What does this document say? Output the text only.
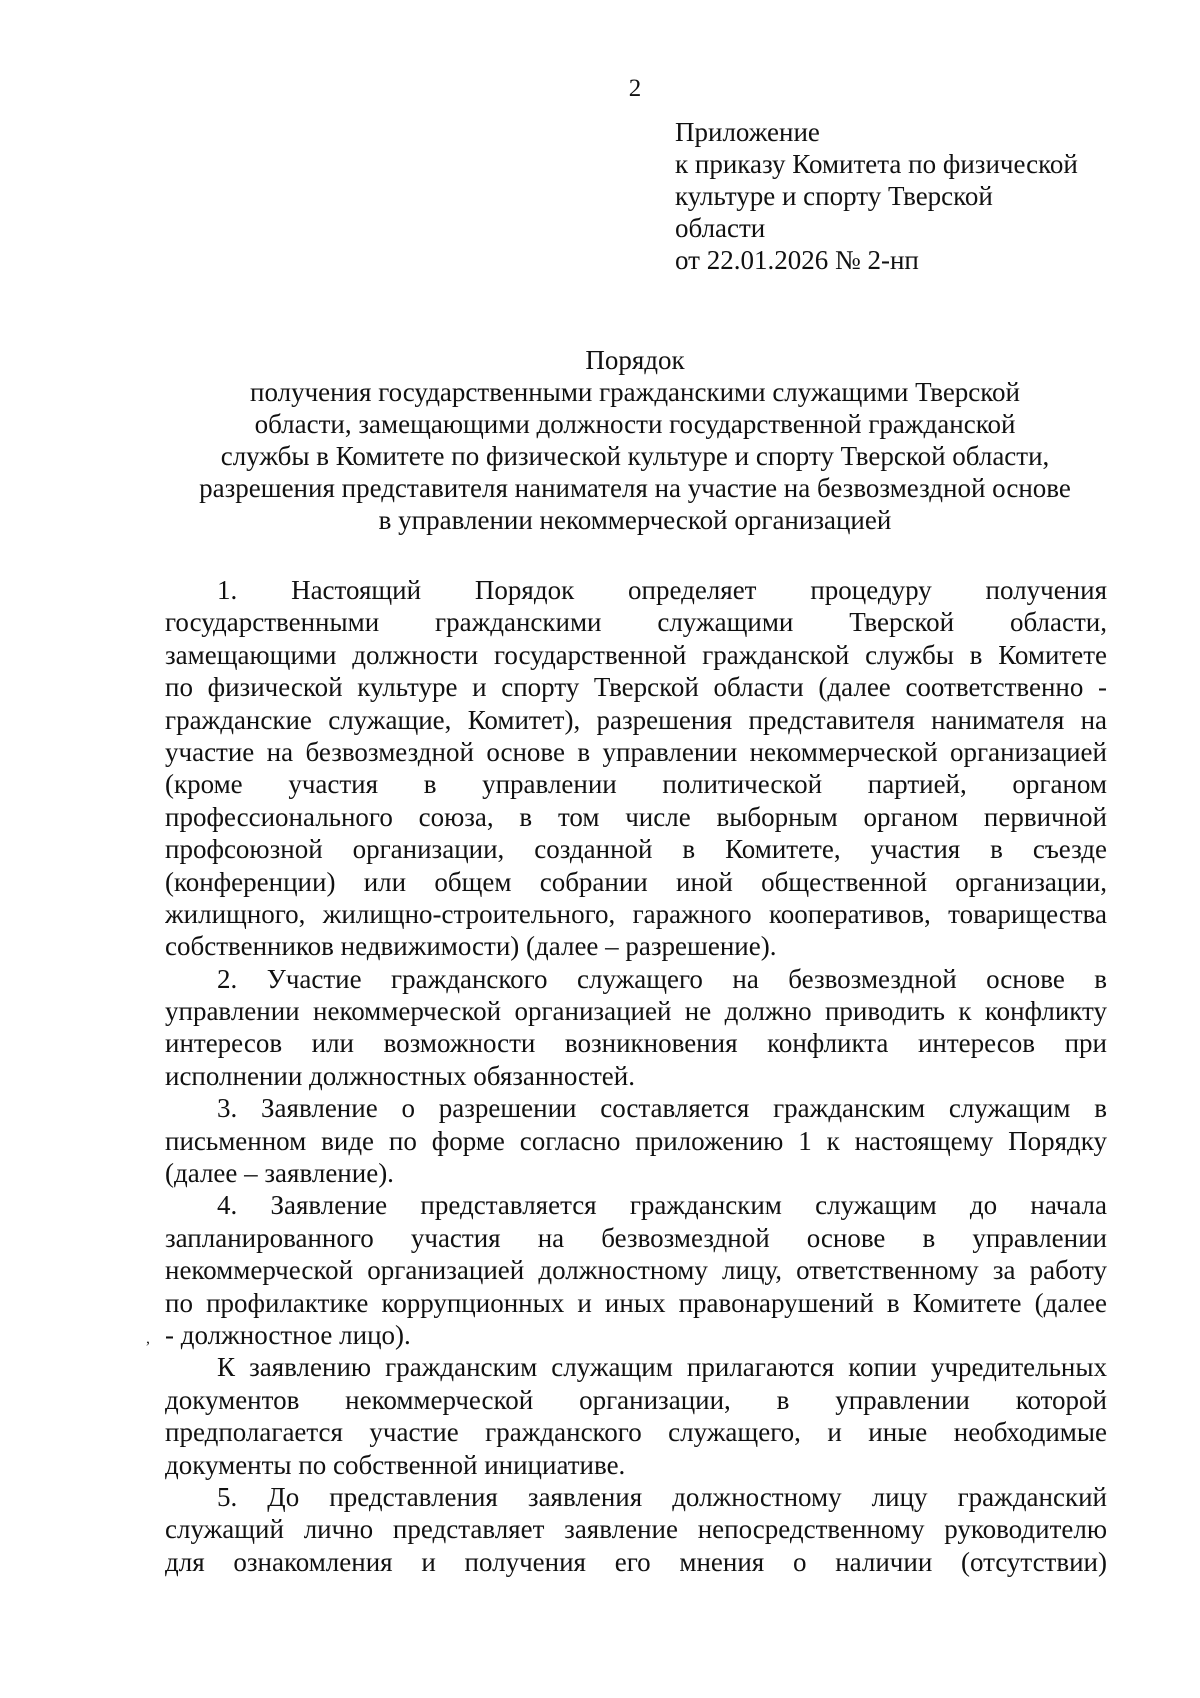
2
Приложение
к приказу Комитета по физической
культуре и спорту Тверской
области
от 22.01.2026 № 2-нп
Порядок
получения государственными гражданскими служащими Тверской
области, замещающими должности государственной гражданской
службы в Комитете по физической культуре и спорту Тверской области,
разрешения представителя нанимателя на участие на безвозмездной основе
в управлении некоммерческой организацией
1. Настоящий Порядок определяет процедуру получения
государственными гражданскими служащими Тверской области,
замещающими должности государственной гражданской службы в Комитете
по физической культуре и спорту Тверской области (далее соответственно -
гражданские служащие, Комитет), разрешения представителя нанимателя на
участие на безвозмездной основе в управлении некоммерческой организацией
(кроме участия в управлении политической партией, органом
профессионального союза, в том числе выборным органом первичной
профсоюзной организации, созданной в Комитете, участия в съезде
(конференции) или общем собрании иной общественной организации,
жилищного, жилищно-строительного, гаражного кооперативов, товарищества
собственников недвижимости) (далее – разрешение).
2. Участие гражданского служащего на безвозмездной основе в
управлении некоммерческой организацией не должно приводить к конфликту
интересов или возможности возникновения конфликта интересов при
исполнении должностных обязанностей.
3. Заявление о разрешении составляется гражданским служащим в
письменном виде по форме согласно приложению 1 к настоящему Порядку
(далее – заявление).
4. Заявление представляется гражданским служащим до начала
запланированного участия на безвозмездной основе в управлении
некоммерческой организацией должностному лицу, ответственному за работу
по профилактике коррупционных и иных правонарушений в Комитете (далее
- должностное лицо).
К заявлению гражданским служащим прилагаются копии учредительных
документов некоммерческой организации, в управлении которой
предполагается участие гражданского служащего, и иные необходимые
документы по собственной инициативе.
5. До представления заявления должностному лицу гражданский
служащий лично представляет заявление непосредственному руководителю
для ознакомления и получения его мнения о наличии (отсутствии)
,
